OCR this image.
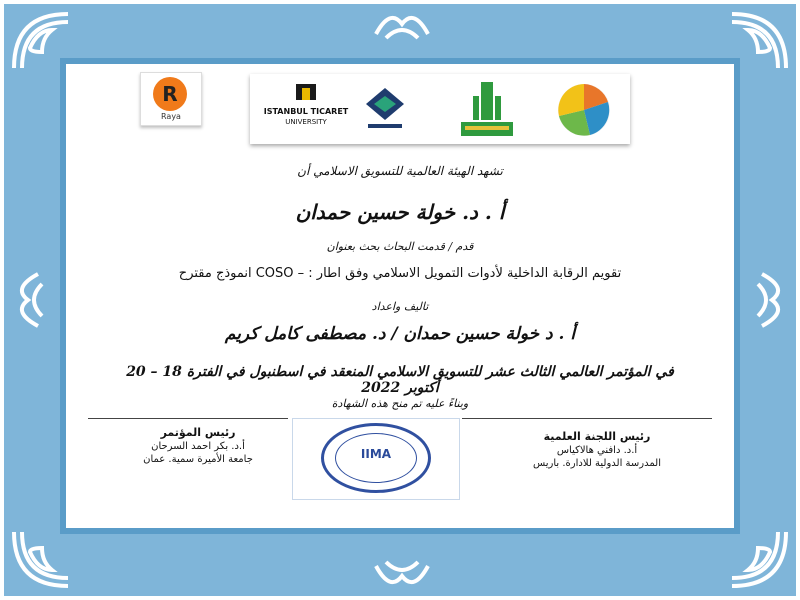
R
Raya
ISTANBUL TICARET
UNIVERSITY
تشهد الهيئة العالمية للتسويق الاسلامي أن
أ . د. خولة حسين حمدان
قدم / قدمت البحاث بحث بعنوان
تقويم الرقابة الداخلية لأدوات التمويل الاسلامي وفق اطار : – COSO انموذج مقترح
تاليف واعداد
أ . د خولة حسين حمدان / د. مصطفى كامل كريم
في المؤتمر العالمي الثالث عشر للتسويق الاسلامي المنعقد في اسطنبول في الفترة 18 – 20 أكتوبر 2022
وبناءً عليه تم منح هذه الشهادة
IIMA
رئيس اللجنة العلمية
أ.د. دافني هالاكياس
المدرسة الدولية للادارة. باريس
رئيس المؤتمر
أ.د. بكر احمد السرحان
جامعة الأميرة سمية. عمان
